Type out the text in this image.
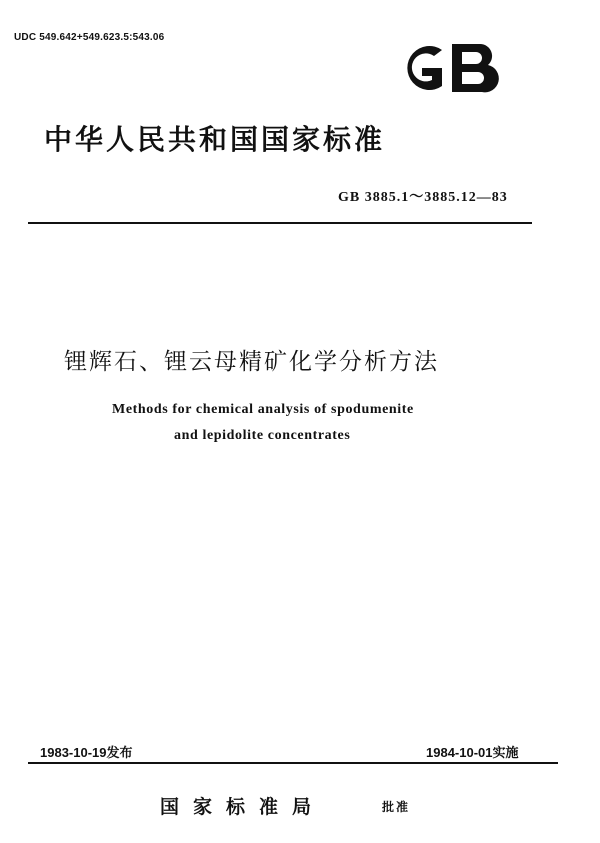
UDC 549.642+549.623.5:543.06	GB
中华人民共和国国家标准
GB 3885.1～3885.12—83
锂辉石、锂云母精矿化学分析方法
Methods for chemical analysis of spodumenite
and lepidolite concentrates
1983-10-19发布	1984-10-01实施
国家标准局	批准
